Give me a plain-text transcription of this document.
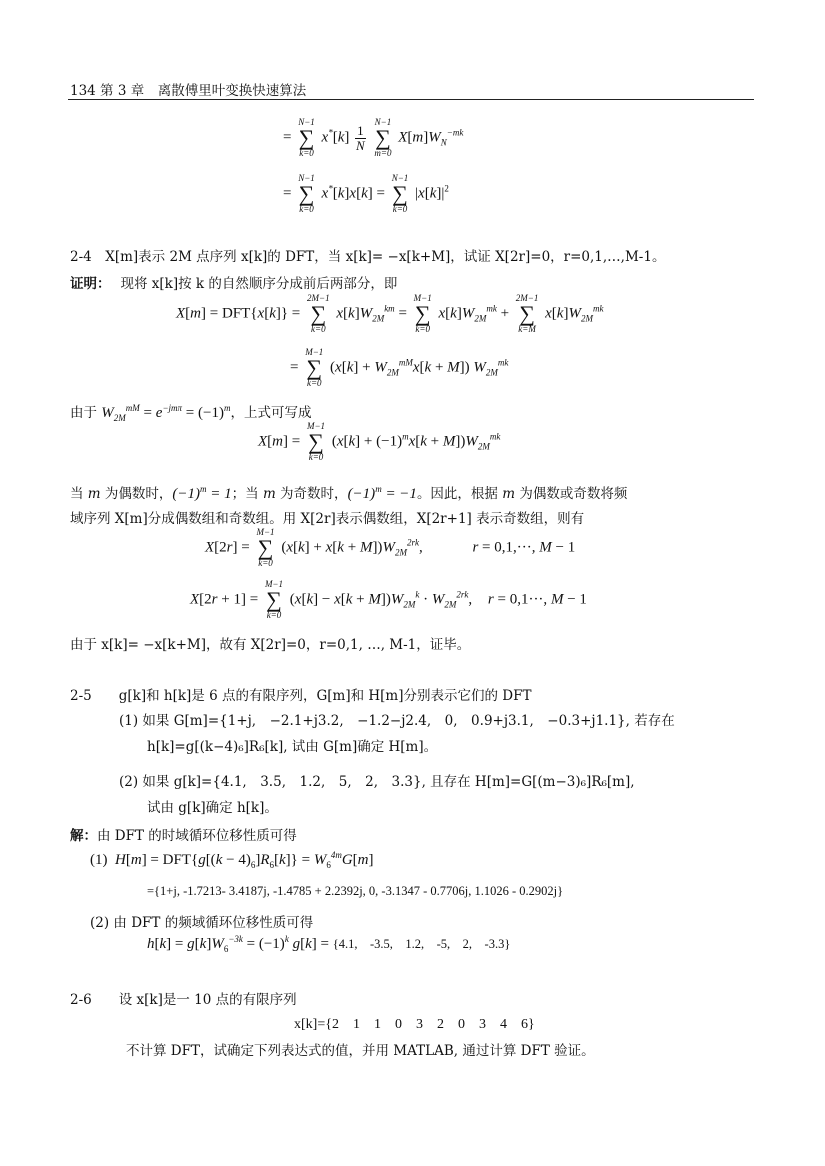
134 第 3 章　离散傅里叶变换快速算法
=
N−1
∑
k=0
$x^*[k] \frac{1}{N}$

N−1
∑
m=0
$X[m]W_N^{-mk}$
=
N−1
∑
k=0
x*[k]x[k] =
N−1
∑
k=0
$|x[k]|^2$
2-4　X[m]表示 2M 点序列 x[k]的 DFT，当 x[k]= −x[k+M]，试证 X[2r]=0，r=0,1,…,M-1。
证明： 现将 x[k]按 k 的自然顺序分成前后两部分，即
X[m] = DFT{x[k]} =
2M−1
∑
k=0
$x[k]W_{2M}^{km}$ =
M−1
∑
k=0
$x[k]W_{2M}^{mk}$ +
2M−1
∑
k=M
$x[k]W_{2M}^{mk}$
=
M−1
∑
k=0
$(x[k] + W_{2M}^{mM}x[k + M])$ $W_{2M}^{mk}$
由于 $W_{2M}^{mM} = e^{-jm\pi} = (-1)^m$，上式可写成
X[m] =
M−1
∑
k=0
$(x[k] + (-1)^mx[k + M])W_{2M}^{mk}$
当 m 为偶数时，$(-1)^m = 1$；当 m 为奇数时，$(-1)^m = -1$。因此，根据 m 为偶数或奇数将频
域序列 X[m]分成偶数组和奇数组。用 X[2r]表示偶数组，X[2r+1] 表示奇数组，则有
X[2r] =
M−1
∑
k=0
$(x[k] + x[k + M])W_{2M}^{2rk}$,	r = 0,1,···, M − 1
X[2r + 1] =
M−1
∑
k=0
$(x[k] - x[k + M])W_{2M}^k \cdot W_{2M}^{2rk}$, r = 0,1···, M − 1
由于 x[k]= −x[k+M]，故有 X[2r]=0，r=0,1, …, M-1，证毕。
2-5　　g[k]和 h[k]是 6 点的有限序列，G[m]和 H[m]分别表示它们的 DFT
(1) 如果 G[m]={1+j,　−2.1+j3.2,　−1.2−j2.4,　0,　0.9+j3.1,　−0.3+j1.1}, 若存在
h[k]=g[(k−4)₆]R₆[k], 试由 G[m]确定 H[m]。
(2) 如果 g[k]={4.1,　3.5,　1.2,　5,　2,　3.3}, 且存在 H[m]=G[(m−3)₆]R₆[m],
试由 g[k]确定 h[k]。
解：由 DFT 的时域循环位移性质可得
(1)  $H[m] = DFT\{g[(k - 4)_6]R_6[k]\} = W_6^{4m}G[m]$
={1+j, -1.7213- 3.4187j, -1.4785 + 2.2392j, 0, -3.1347 - 0.7706j, 1.1026 - 0.2902j}
(2) 由 DFT 的频域循环位移性质可得
$h[k] = g[k]W_6^{-3k} = (-1)^k$ g[k] = {4.1,　-3.5,　1.2,　-5,　2,　-3.3}
2-6　　设 x[k]是一 10 点的有限序列
x[k]={2　1　1　0　3　2　0　3　4　6}
不计算 DFT，试确定下列表达式的值，并用 MATLAB, 通过计算 DFT 验证。
